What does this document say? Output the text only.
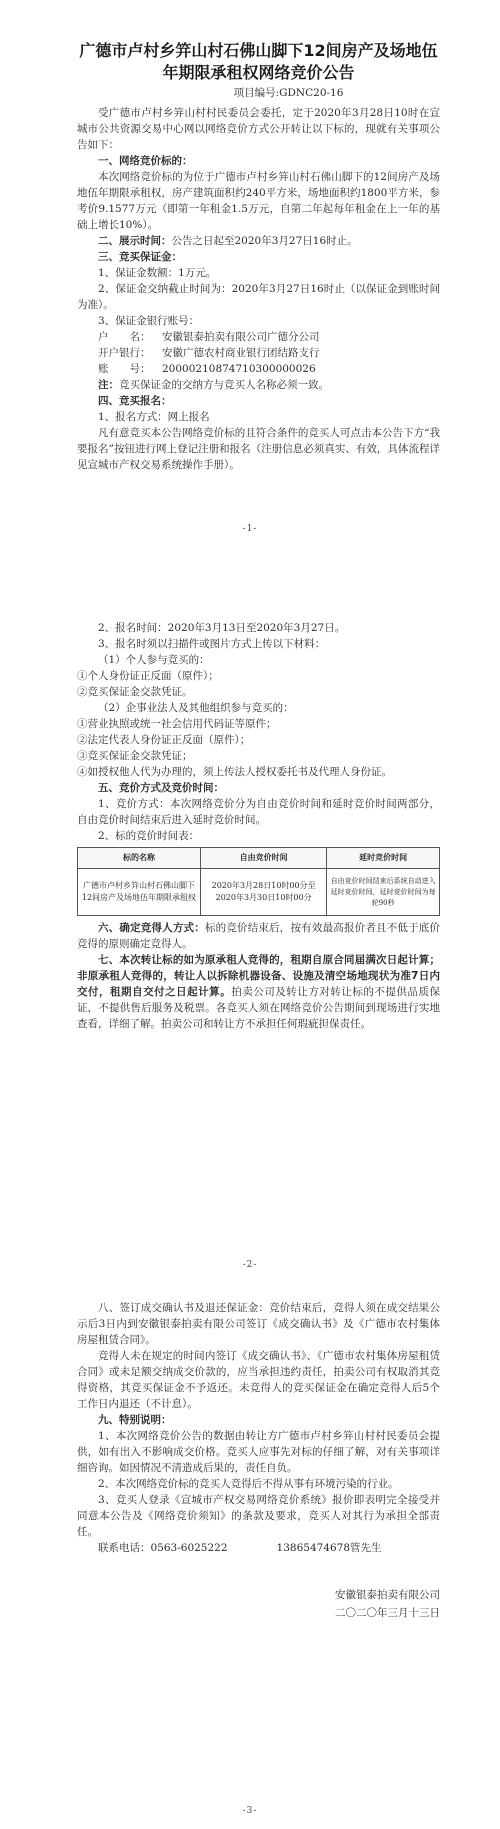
广德市卢村乡笄山村石佛山脚下12间房产及场地伍年期限承租权网络竞价公告
项目编号:GDNC20-16

受广德市卢村乡笄山村村民委员会委托，定于2020年3月28日10时在宣城市公共资源交易中心网以网络竞价方式公开转让以下标的，现就有关事项公告如下：

一、网络竞价标的：

本次网络竞价标的为位于广德市卢村乡笄山村石佛山脚下的12间房产及场地伍年期限承租权，房产建筑面积约240平方米，场地面积约1800平方米，参考价9.1577万元（即第一年租金1.5万元，自第二年起每年租金在上一年的基础上增长10%）。

二、展示时间：公告之日起至2020年3月27日16时止。

三、竞买保证金：

1、保证金数额：1万元。

2、保证金交纳截止时间为：2020年3月27日16时止（以保证金到账时间为准）。

3、保证金银行账号：

户　　名：	安徽银泰拍卖有限公司广德分公司
开户银行：	安徽广德农村商业银行团结路支行
账　　号：	20000210874710300000026

注：竞买保证金的交纳方与竞买人名称必须一致。

四、竞买报名：

1、报名方式：网上报名

凡有意竞买本公告网络竞价标的且符合条件的竞买人可点击本公告下方“我要报名”按钮进行网上登记注册和报名（注册信息必须真实、有效，具体流程详见宣城市产权交易系统操作手册）。

-1-

2、报名时间：2020年3月13日至2020年3月27日。

3、报名时须以扫描件或图片方式上传以下材料：

（1）个人参与竞买的：

①个人身份证正反面（原件）；

②竞买保证金交款凭证。

（2）企事业法人及其他组织参与竞买的：

①营业执照或统一社会信用代码证等原件；

②法定代表人身份证正反面（原件）；

③竞买保证金交款凭证；

④如授权他人代为办理的，须上传法人授权委托书及代理人身份证。

五、竞价方式及竞价时间：

1、竞价方式：本次网络竞价分为自由竞价时间和延时竞价时间两部分，自由竞价时间结束后进入延时竞价时间。

2、标的竞价时间表：

标的名称	自由竞价时间	延时竞价时间
广德市卢村乡笄山村石佛山脚下12间房产及场地伍年期限承租权	2020年3月28日10时00分至2020年3月30日10时00分	自由竞价时间结束后系统自动进入延时竞价时间，延时竞价时间为每轮90秒

六、确定竞得人方式：标的竞价结束后，按有效最高报价者且不低于底价竞得的原则确定竞得人。

七、本次转让标的如为原承租人竞得的，租期自原合同届满次日起计算；非原承租人竞得的，转让人以拆除机器设备、设施及清空场地现状为准7日内交付，租期自交付之日起计算。拍卖公司及转让方对转让标的不提供品质保证，不提供售后服务及税票。各竞买人须在网络竞价公告期间到现场进行实地查看，详细了解。拍卖公司和转让方不承担任何瑕疵担保责任。

-2-

八、签订成交确认书及退还保证金：竞价结束后，竞得人须在成交结果公示后3日内到安徽银泰拍卖有限公司签订《成交确认书》及《广德市农村集体房屋租赁合同》。

竞得人未在规定的时间内签订《成交确认书》、《广德市农村集体房屋租赁合同》或未足额交纳成交价款的，应当承担违约责任，拍卖公司有权取消其竞得资格，其竞买保证金不予返还。未竞得人的竞买保证金在确定竞得人后5个工作日内退还（不计息）。

九、特别说明：

1、本次网络竞价公告的数据由转让方广德市卢村乡笄山村村民委员会提供，如有出入不影响成交价格。竞买人应事先对标的仔细了解，对有关事项详细咨询。如因情况不清造成后果的，责任自负。

2、本次网络竞价标的竞买人竞得后不得从事有环境污染的行业。

3、竞买人登录《宣城市产权交易网络竞价系统》报价即表明完全接受并同意本公告及《网络竞价须知》的条款及要求，竞买人对其行为承担全部责任。

联系电话：0563-6025222	13865474678管先生

安徽银泰拍卖有限公司
二〇二〇年三月十三日
-3-
